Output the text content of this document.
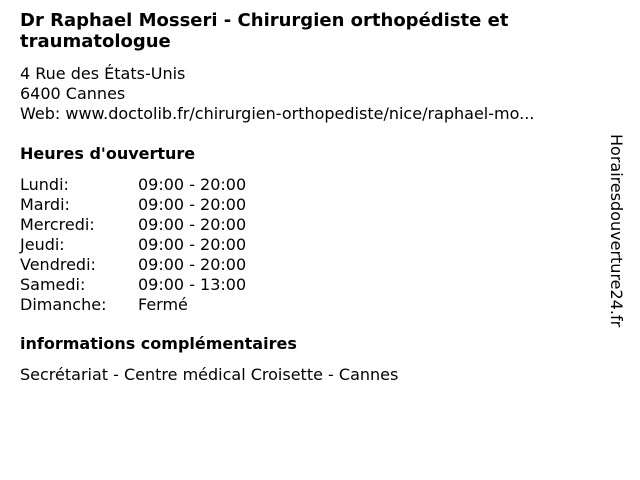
Dr Raphael Mosseri - Chirurgien orthopédiste et traumatologue
4 Rue des États-Unis
6400 Cannes
Web: www.doctolib.fr/chirurgien-orthopediste/nice/raphael-mo...
Heures d'ouverture
Lundi:	09:00 - 20:00
Mardi:	09:00 - 20:00
Mercredi:	09:00 - 20:00
Jeudi:	09:00 - 20:00
Vendredi:	09:00 - 20:00
Samedi:	09:00 - 13:00
Dimanche: Fermé
informations complémentaires
Secrétariat - Centre médical Croisette - Cannes
Horairesdouverture24.fr
